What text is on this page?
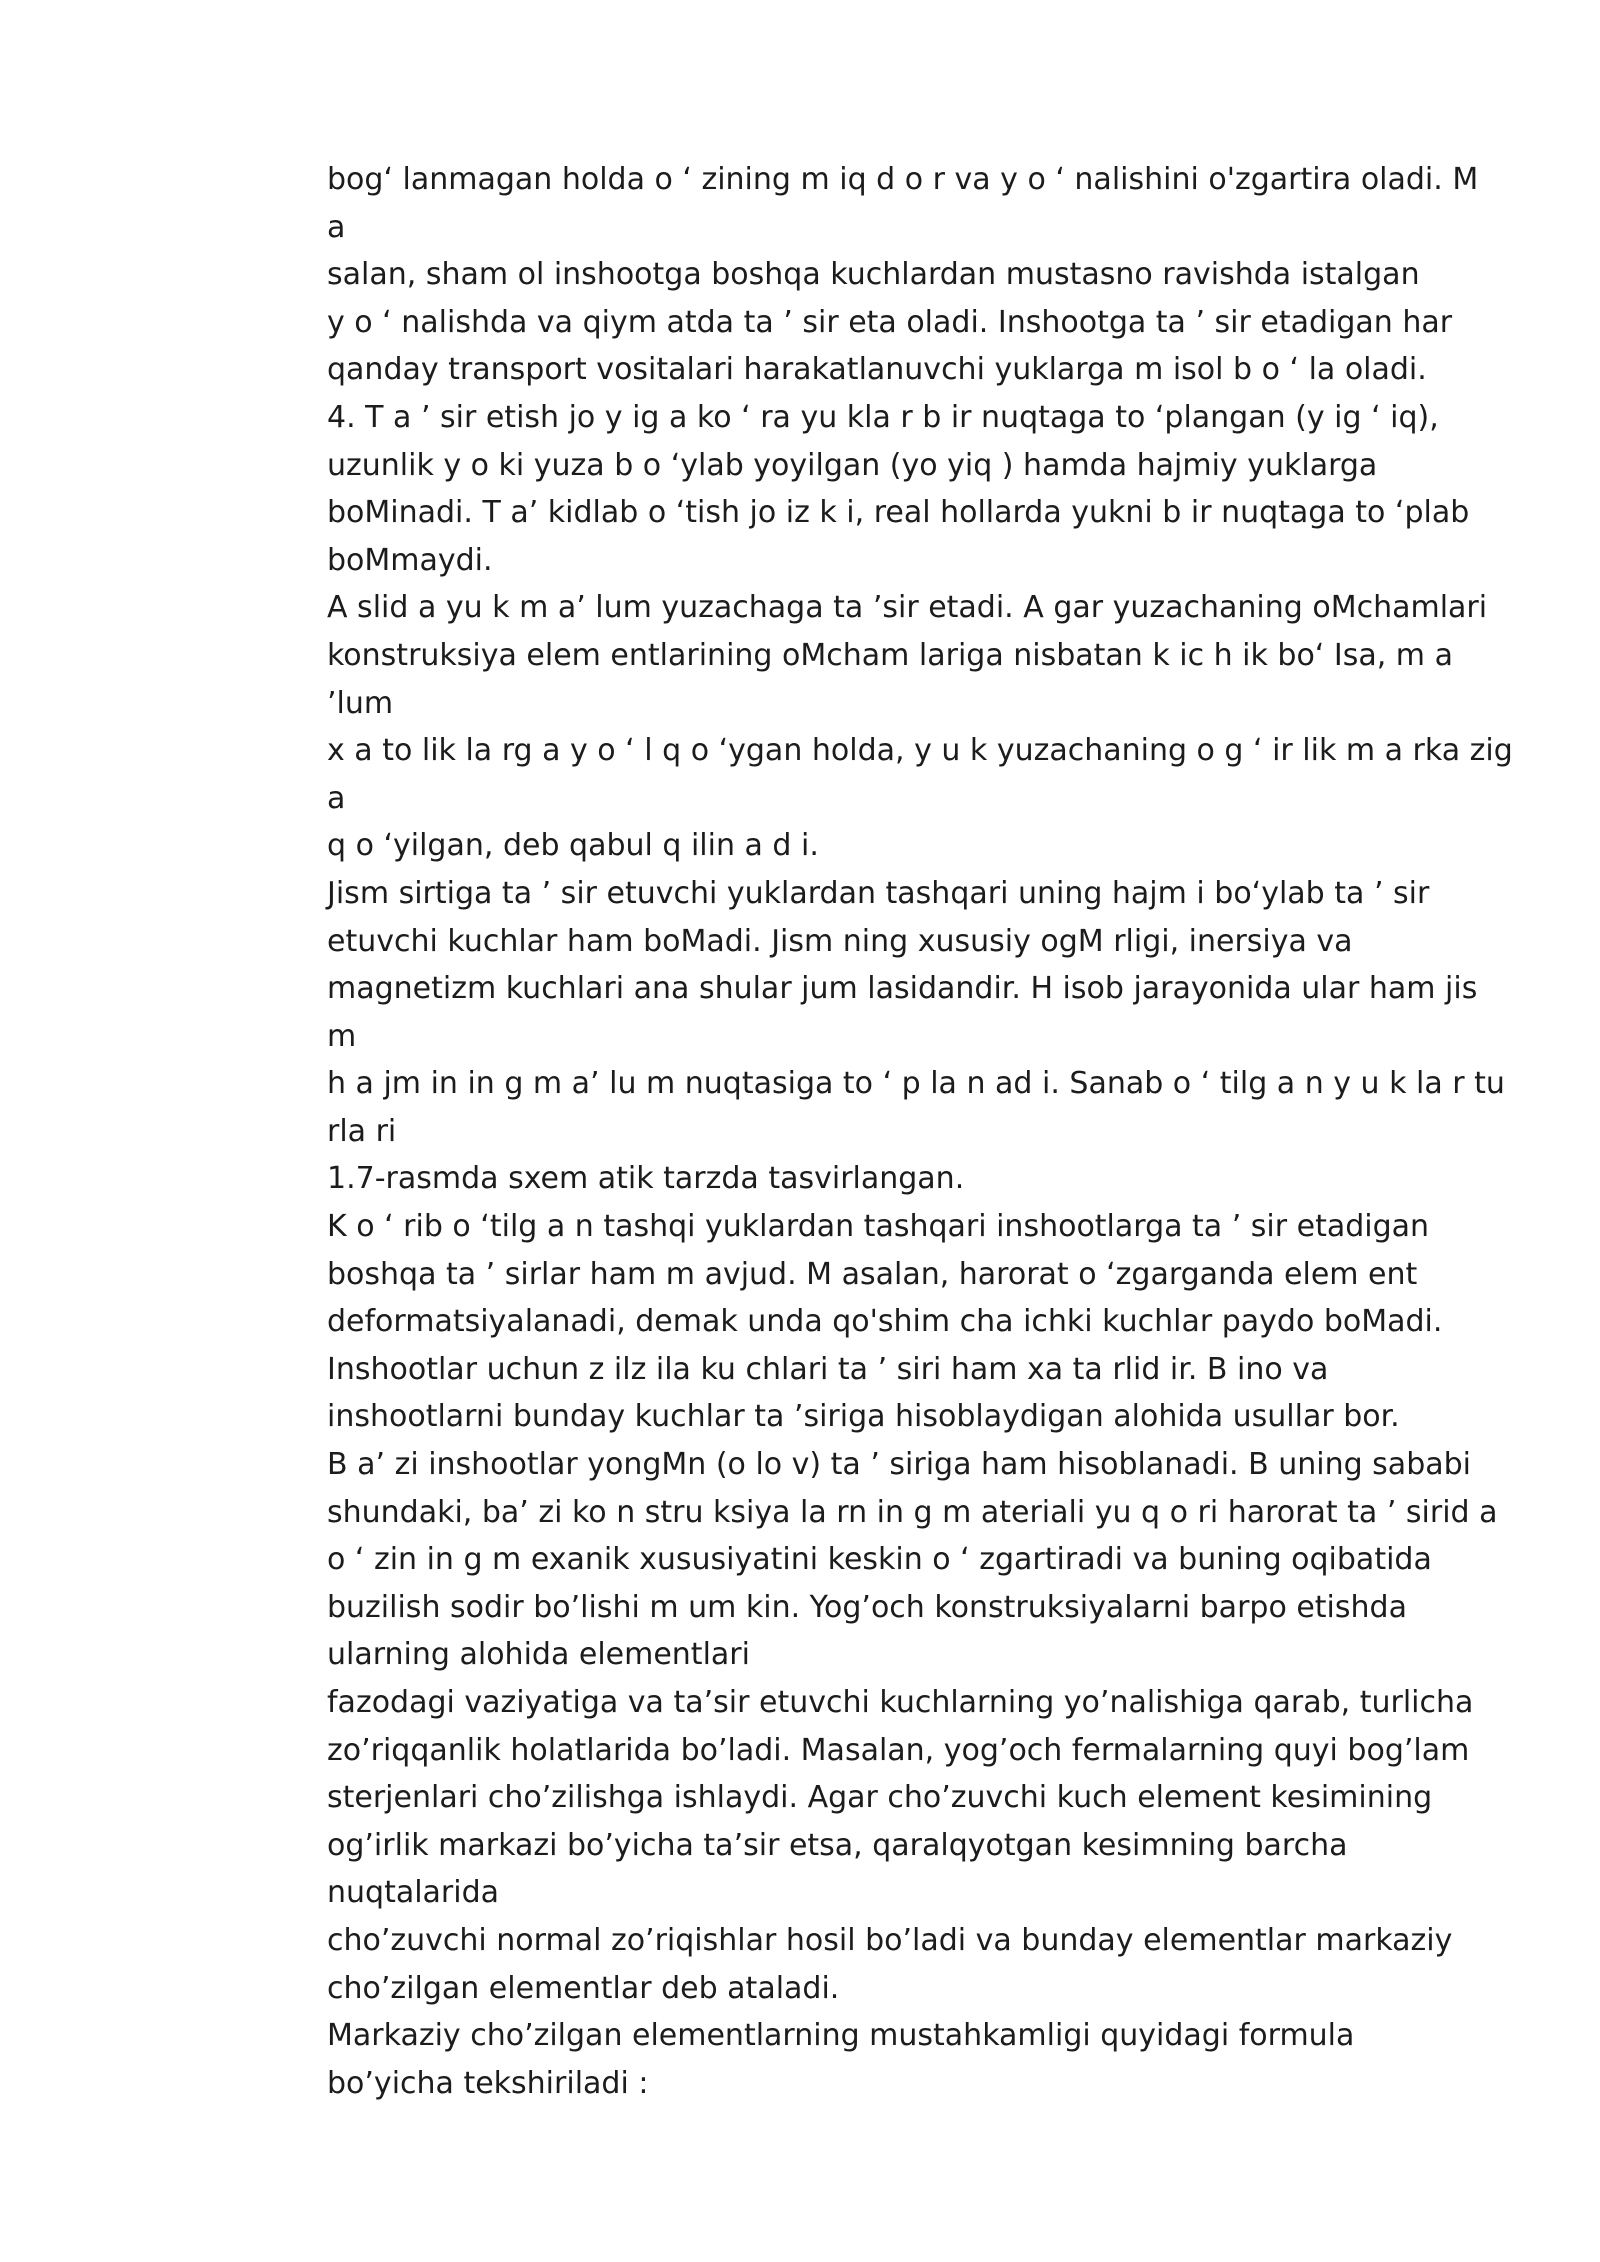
bog‘ lanmagan holda o ‘ zining m iq d o r va y o ‘ nalishini o'zgartira oladi. M
a
salan, sham ol inshootga boshqa kuchlardan mustasno ravishda istalgan
y o ‘ nalishda va qiym atda ta ’ sir eta oladi. Inshootga ta ’ sir etadigan har
qanday transport vositalari harakatlanuvchi yuklarga m isol b o ‘ la oladi.
4. T a ’ sir etish jo y ig a ko ‘ ra yu kla r b ir nuqtaga to ‘plangan (y ig ‘ iq),
uzunlik y o ki yuza b o ‘ylab yoyilgan (yo yiq ) hamda hajmiy yuklarga
boMinadi. T a’ kidlab o ‘tish jo iz k i, real hollarda yukni b ir nuqtaga to ‘plab
boMmaydi.
A slid a yu k m a’ lum yuzachaga ta ’sir etadi. A gar yuzachaning oMchamlari
konstruksiya elem entlarining oMcham lariga nisbatan k ic h ik bo‘ Isa, m a
’lum
x a to lik la rg a y o ‘ l q o ‘ygan holda, y u k yuzachaning o g ‘ ir lik m a rka zig
a
q o ‘yilgan, deb qabul q ilin a d i.
Jism sirtiga ta ’ sir etuvchi yuklardan tashqari uning hajm i bo‘ylab ta ’ sir
etuvchi kuchlar ham boMadi. Jism ning xususiy ogM rligi, inersiya va
magnetizm kuchlari ana shular jum lasidandir. H isob jarayonida ular ham jis
m
h a jm in in g m a’ lu m nuqtasiga to ‘ p la n ad i. Sanab o ‘ tilg a n y u k la r tu
rla ri
1.7-rasmda sxem atik tarzda tasvirlangan.
K o ‘ rib o ‘tilg a n tashqi yuklardan tashqari inshootlarga ta ’ sir etadigan
boshqa ta ’ sirlar ham m avjud. M asalan, harorat o ‘zgarganda elem ent
deformatsiyalanadi, demak unda qo'shim cha ichki kuchlar paydo boMadi.
Inshootlar uchun z ilz ila ku chlari ta ’ siri ham xa ta rlid ir. B ino va
inshootlarni bunday kuchlar ta ’siriga hisoblaydigan alohida usullar bor.
B a’ zi inshootlar yongMn (o lo v) ta ’ siriga ham hisoblanadi. B uning sababi
shundaki, ba’ zi ko n stru ksiya la rn in g m ateriali yu q o ri harorat ta ’ sirid a
o ‘ zin in g m exanik xususiyatini keskin o ‘ zgartiradi va buning oqibatida
buzilish sodir bo’lishi m um kin. Yog’och konstruksiyalarni barpo etishda
ularning alohida elementlari
fazodagi vaziyatiga va ta’sir etuvchi kuchlarning yo’nalishiga qarab, turlicha
zo’riqqanlik holatlarida bo’ladi. Masalan, yog’och fermalarning quyi bog’lam
sterjenlari cho’zilishga ishlaydi. Agar cho’zuvchi kuch element kesimining
og’irlik markazi bo’yicha ta’sir etsa, qaralqyotgan kesimning barcha
nuqtalarida
cho’zuvchi normal zo’riqishlar hosil bo’ladi va bunday elementlar markaziy
cho’zilgan elementlar deb ataladi.
Markaziy cho’zilgan elementlarning mustahkamligi quyidagi formula
bo’yicha tekshiriladi :
